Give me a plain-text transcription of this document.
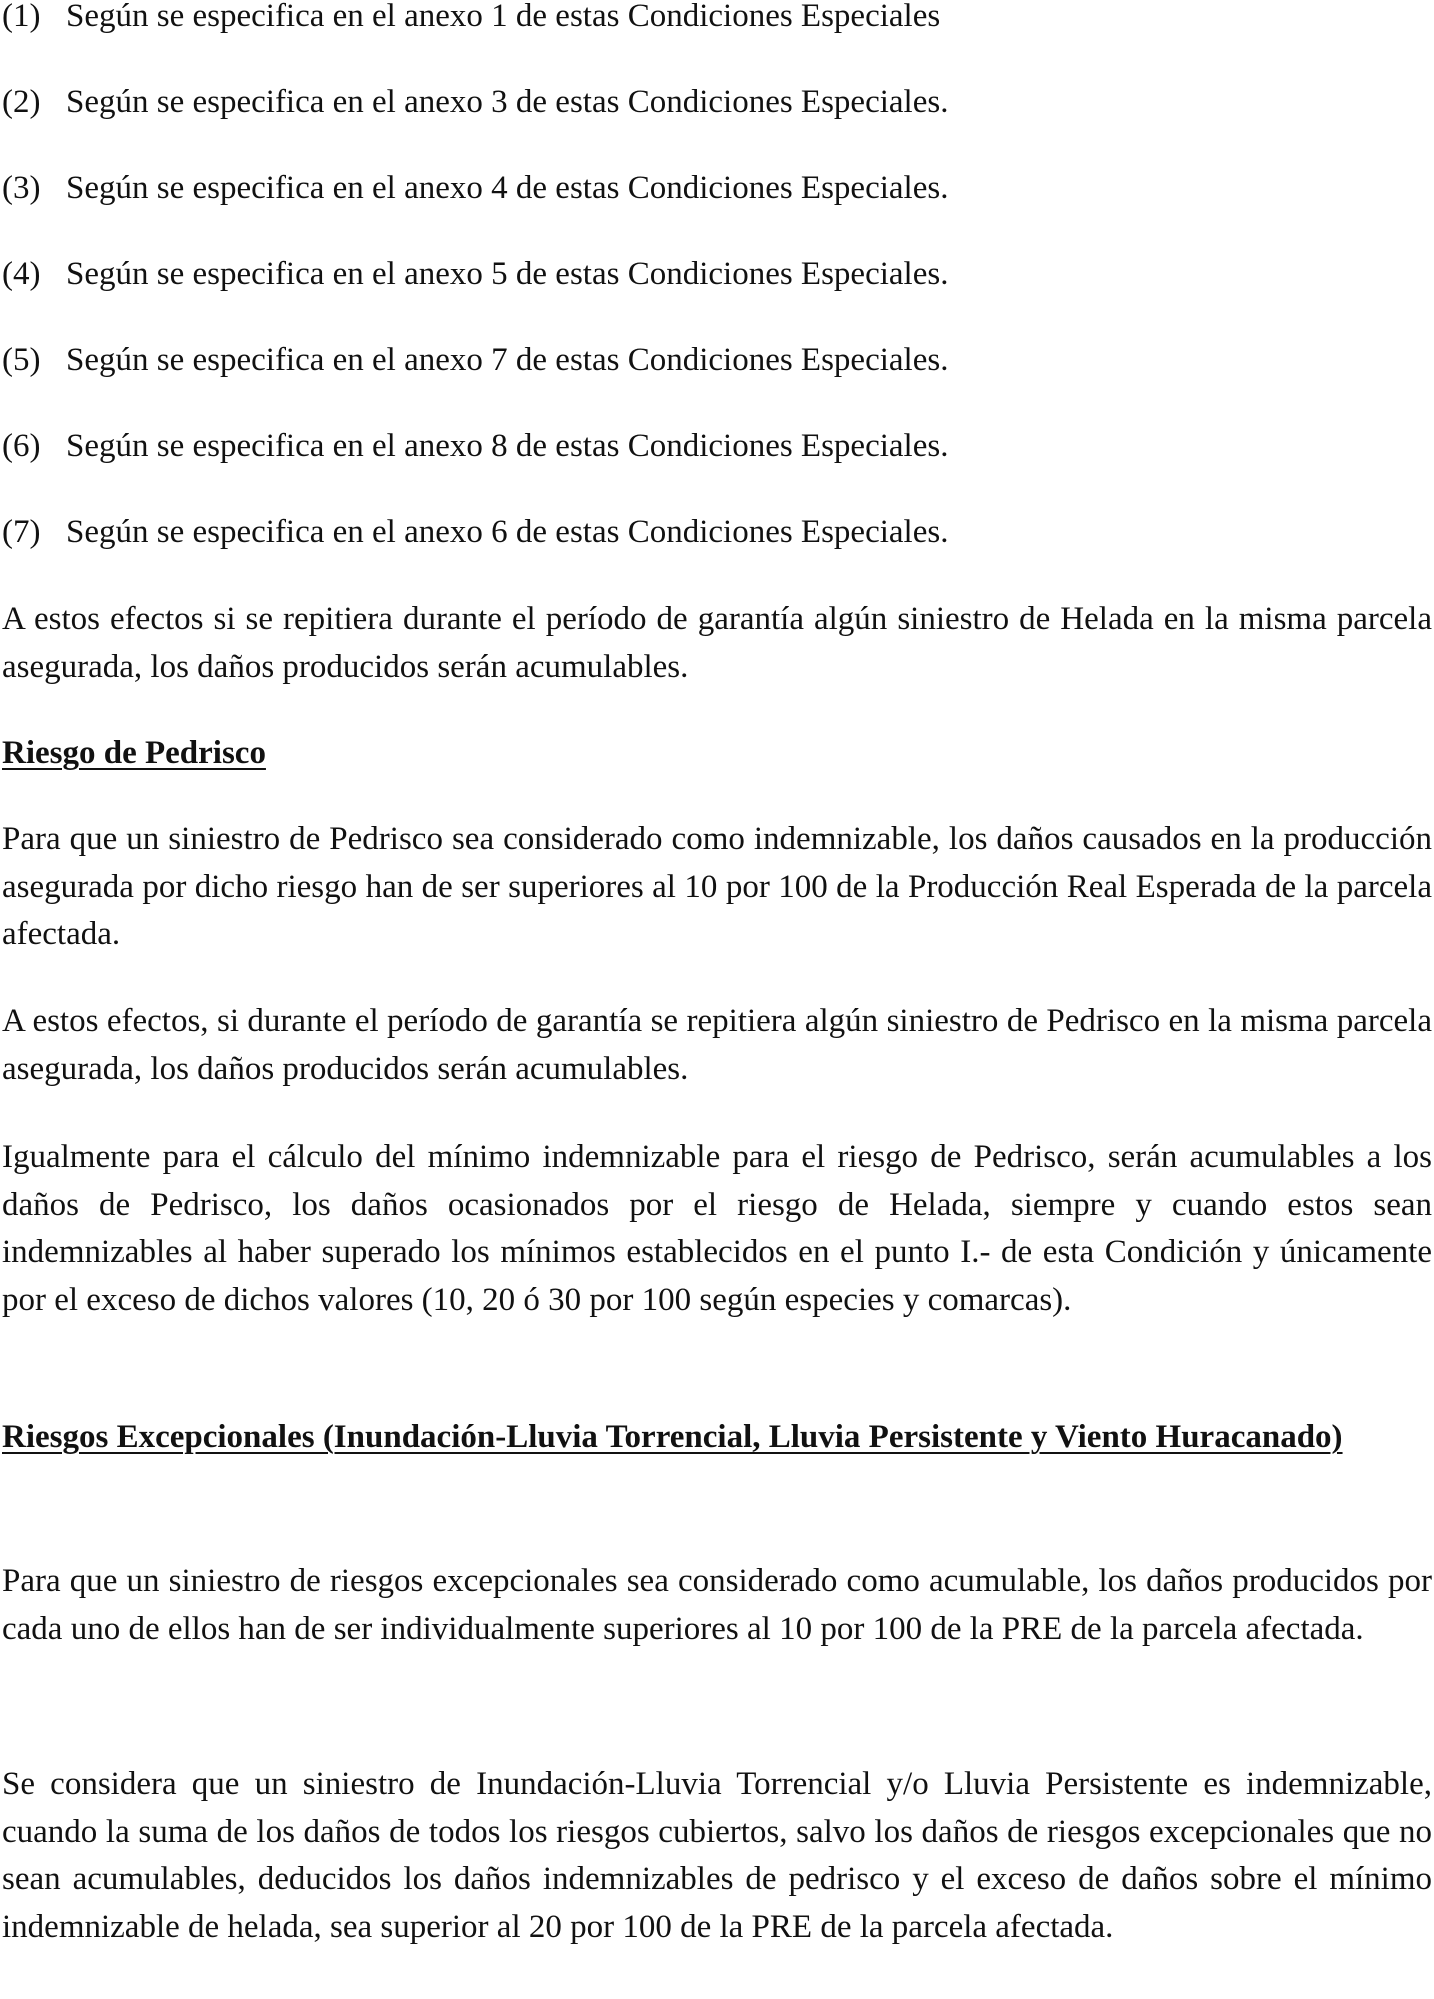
(1) Según se especifica en el anexo 1 de estas Condiciones Especiales
(2) Según se especifica en el anexo 3 de estas Condiciones Especiales.
(3) Según se especifica en el anexo 4 de estas Condiciones Especiales.
(4) Según se especifica en el anexo 5 de estas Condiciones Especiales.
(5) Según se especifica en el anexo 7 de estas Condiciones Especiales.
(6) Según se especifica en el anexo 8 de estas Condiciones Especiales.
(7) Según se especifica en el anexo 6 de estas Condiciones Especiales.

A estos efectos si se repitiera durante el período de garantía algún siniestro de Helada en la misma parcela asegurada, los daños producidos serán acumulables.

Riesgo de Pedrisco

Para que un siniestro de Pedrisco sea considerado como indemnizable, los daños causados en la producción asegurada por dicho riesgo han de ser superiores al 10 por 100 de la Producción Real Esperada de la parcela afectada.

A estos efectos, si durante el período de garantía se repitiera algún siniestro de Pedrisco en la misma parcela asegurada, los daños producidos serán acumulables.

Igualmente para el cálculo del mínimo indemnizable para el riesgo de Pedrisco, serán acumulables a los daños de Pedrisco, los daños ocasionados por el riesgo de Helada, siempre y cuando estos sean indemnizables al haber superado los mínimos establecidos en el punto I.- de esta Condición y únicamente por el exceso de dichos valores (10, 20 ó 30 por 100 según especies y comarcas).

Riesgos Excepcionales (Inundación-Lluvia Torrencial, Lluvia Persistente y Viento Huracanado)

Para que un siniestro de riesgos excepcionales sea considerado como acumulable, los daños producidos por cada uno de ellos han de ser individualmente superiores al 10 por 100 de la PRE de la parcela afectada.

Se considera que un siniestro de Inundación-Lluvia Torrencial y/o Lluvia Persistente es indemnizable, cuando la suma de los daños de todos los riesgos cubiertos, salvo los daños de riesgos excepcionales que no sean acumulables, deducidos los daños indemnizables de pedrisco y el exceso de daños sobre el mínimo indemnizable de helada, sea superior al 20 por 100 de la PRE de la parcela afectada.
